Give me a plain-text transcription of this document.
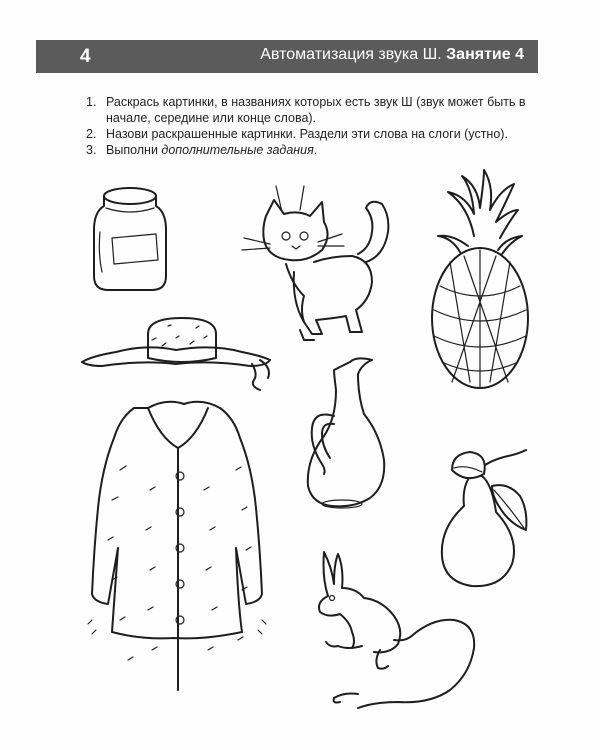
4	Автоматизация звука Ш. Занятие 4
1. Раскрась картинки, в названиях которых есть звук Ш (звук может быть в начале, середине или конце слова).
2. Назови раскрашенные картинки. Раздели эти слова на слоги (устно).
3. Выполни дополнительные задания.
